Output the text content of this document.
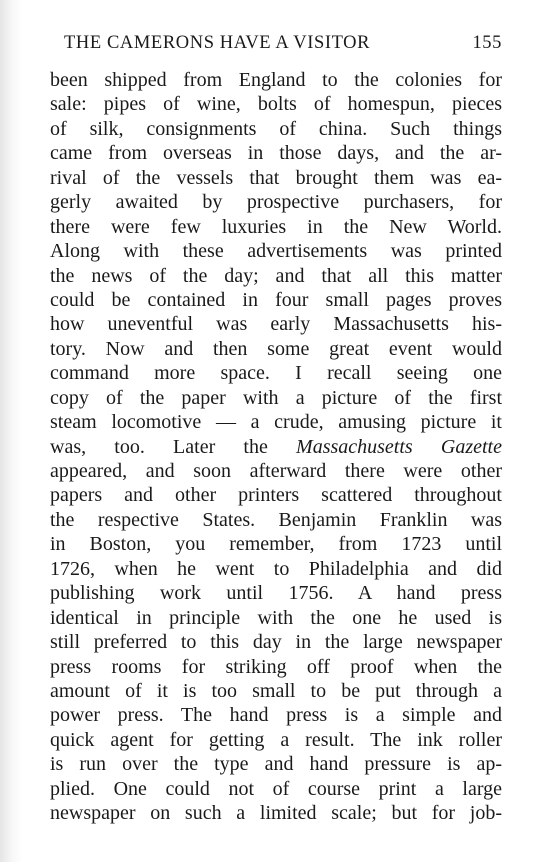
THE CAMERONS HAVE A VISITOR	155
been shipped from England to the colonies for
sale: pipes of wine, bolts of homespun, pieces
of silk, consignments of china. Such things
came from overseas in those days, and the ar-
rival of the vessels that brought them was ea-
gerly awaited by prospective purchasers, for
there were few luxuries in the New World.
Along with these advertisements was printed
the news of the day; and that all this matter
could be contained in four small pages proves
how uneventful was early Massachusetts his-
tory. Now and then some great event would
command more space. I recall seeing one
copy of the paper with a picture of the first
steam locomotive — a crude, amusing picture it
was, too. Later the Massachusetts Gazette
appeared, and soon afterward there were other
papers and other printers scattered throughout
the respective States. Benjamin Franklin was
in Boston, you remember, from 1723 until
1726, when he went to Philadelphia and did
publishing work until 1756. A hand press
identical in principle with the one he used is
still preferred to this day in the large newspaper
press rooms for striking off proof when the
amount of it is too small to be put through a
power press. The hand press is a simple and
quick agent for getting a result. The ink roller
is run over the type and hand pressure is ap-
plied. One could not of course print a large
newspaper on such a limited scale; but for job-
